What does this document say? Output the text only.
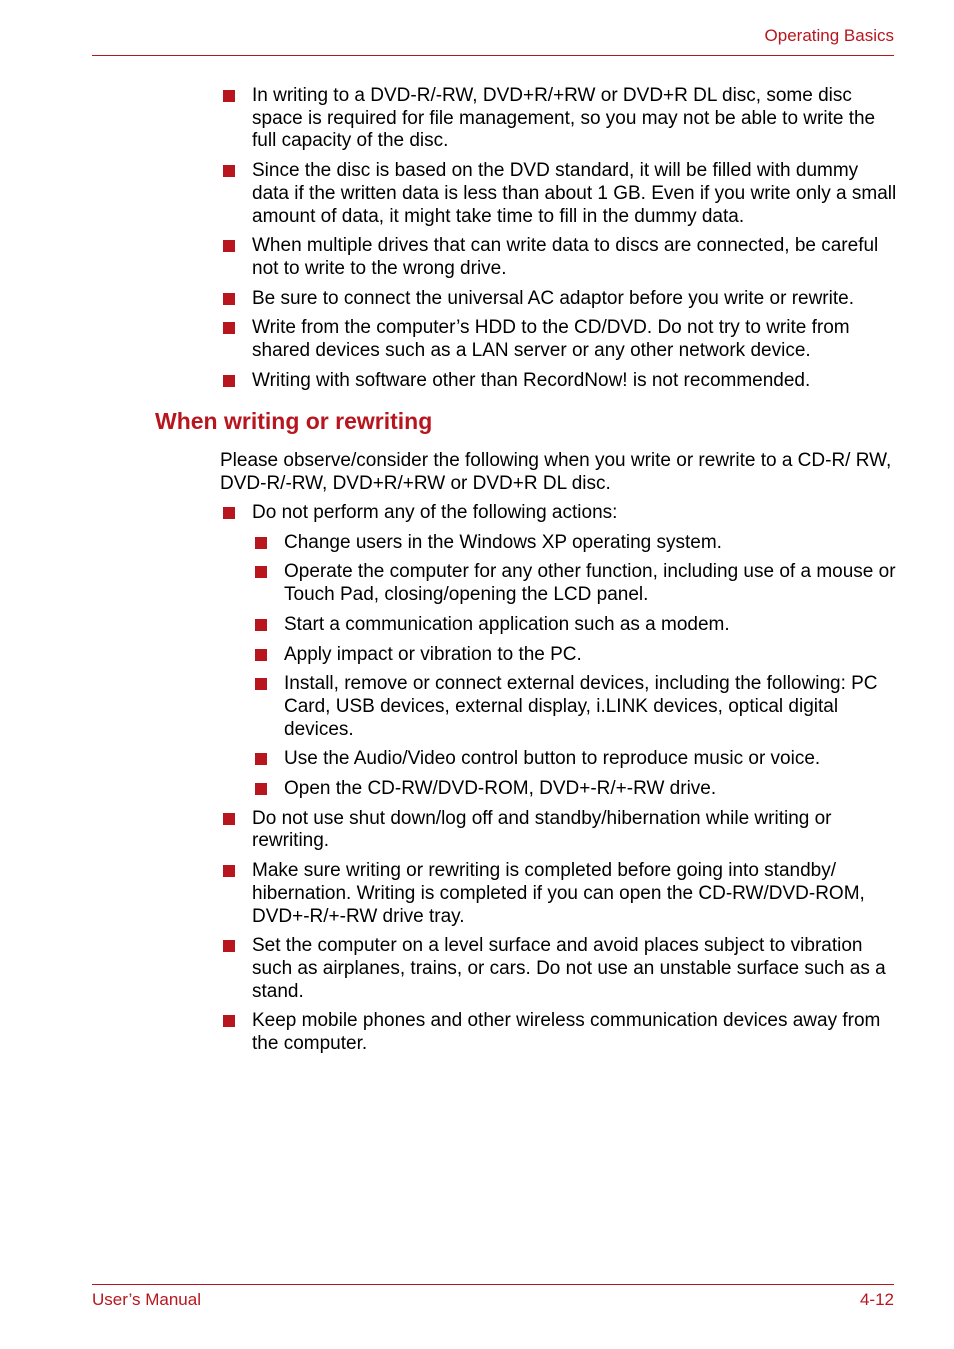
Operating Basics
In writing to a DVD-R/-RW, DVD+R/+RW or DVD+R DL disc, some disc space is required for file management, so you may not be able to write the full capacity of the disc.
Since the disc is based on the DVD standard, it will be filled with dummy data if the written data is less than about 1 GB. Even if you write only a small amount of data, it might take time to fill in the dummy data.
When multiple drives that can write data to discs are connected, be careful not to write to the wrong drive.
Be sure to connect the universal AC adaptor before you write or rewrite.
Write from the computer’s HDD to the CD/DVD. Do not try to write from shared devices such as a LAN server or any other network device.
Writing with software other than RecordNow! is not recommended.
When writing or rewriting

Please observe/consider the following when you write or rewrite to a CD-R/ RW, DVD-R/-RW, DVD+R/+RW or DVD+R DL disc.

Do not perform any of the following actions:
Change users in the Windows XP operating system.
Operate the computer for any other function, including use of a mouse or Touch Pad, closing/opening the LCD panel.
Start a communication application such as a modem.
Apply impact or vibration to the PC.
Install, remove or connect external devices, including the following: PC Card, USB devices, external display, i.LINK devices, optical digital devices.
Use the Audio/Video control button to reproduce music or voice.
Open the CD-RW/DVD-ROM, DVD+-R/+-RW drive.
Do not use shut down/log off and standby/hibernation while writing or rewriting.
Make sure writing or rewriting is completed before going into standby/ hibernation. Writing is completed if you can open the CD-RW/DVD-ROM, DVD+-R/+-RW drive tray.
Set the computer on a level surface and avoid places subject to vibration such as airplanes, trains, or cars. Do not use an unstable surface such as a stand.
Keep mobile phones and other wireless communication devices away from the computer.
User’s Manual	4-12
